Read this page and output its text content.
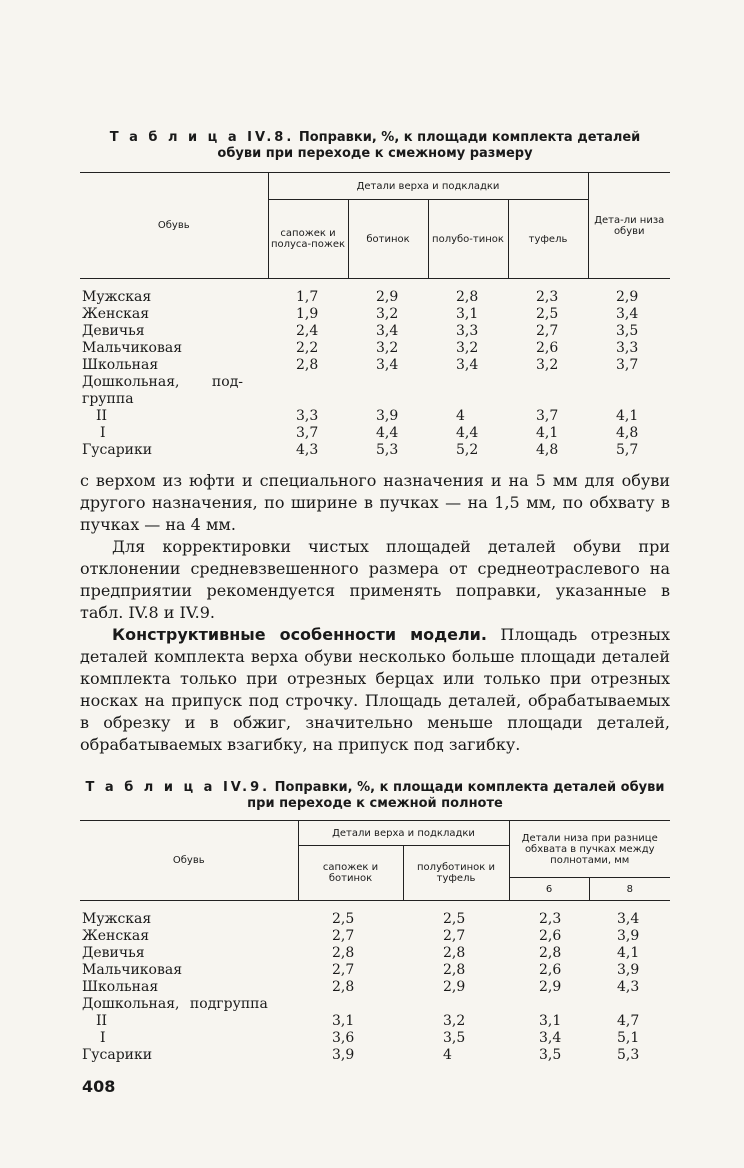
Т а б л и ц а IV.8. Поправки, %, к площади комплекта деталей
обуви при переходе к смежному размеру
Обувь	Детали верха и подкладки				Дета-ли низа обуви
	сапожек и полуса-пожек	ботинок	полубо-тинок	туфель	

Мужская	1,7	2,9	2,8	2,3	2,9
Женская	1,9	3,2	3,1	2,5	3,4
Девичья	2,4	3,4	3,3	2,7	3,5
Мальчиковая	2,2	3,2	3,2	2,6	3,3
Школьная	2,8	3,4	3,4	3,2	3,7
Дошкольная, под-					
группа					
II	3,3	3,9	4	3,7	4,1
I	3,7	4,4	4,4	4,1	4,8
Гусарики	4,3	5,3	5,2	4,8	5,7

с верхом из юфти и специального назначения и на 5 мм для обуви другого назначения, по ширине в пучках — на 1,5 мм, по обхвату в пучках — на 4 мм.

Для корректировки чистых площадей деталей обуви при отклонении средневзвешенного размера от среднеотраслевого на предприятии рекомендуется применять поправки, указанные в табл. IV.8 и IV.9.

Конструктивные особенности модели. Площадь отрезных деталей комплекта верха обуви несколько больше площади деталей комплекта только при отрезных берцах или только при отрезных носках на припуск под строчку. Площадь деталей, обрабатываемых в обрезку и в обжиг, значительно меньше площади деталей, обрабатываемых взагибку, на припуск под загибку.

Т а б л и ц а IV.9. Поправки, %, к площади комплекта деталей обуви
при переходе к смежной полноте
Обувь	Детали верха и подкладки		Детали низа при разнице обхвата в пучках между полнотами, мм	
	сапожек и ботинок	полуботинок и туфель		
			6	8

Мужская	2,5	2,5	2,3	3,4
Женская	2,7	2,7	2,6	3,9
Девичья	2,8	2,8	2,8	4,1
Мальчиковая	2,7	2,8	2,6	3,9
Школьная	2,8	2,9	2,9	4,3
Дошкольная, подгруппа				
II	3,1	3,2	3,1	4,7
I	3,6	3,5	3,4	5,1
Гусарики	3,9	4	3,5	5,3
408
